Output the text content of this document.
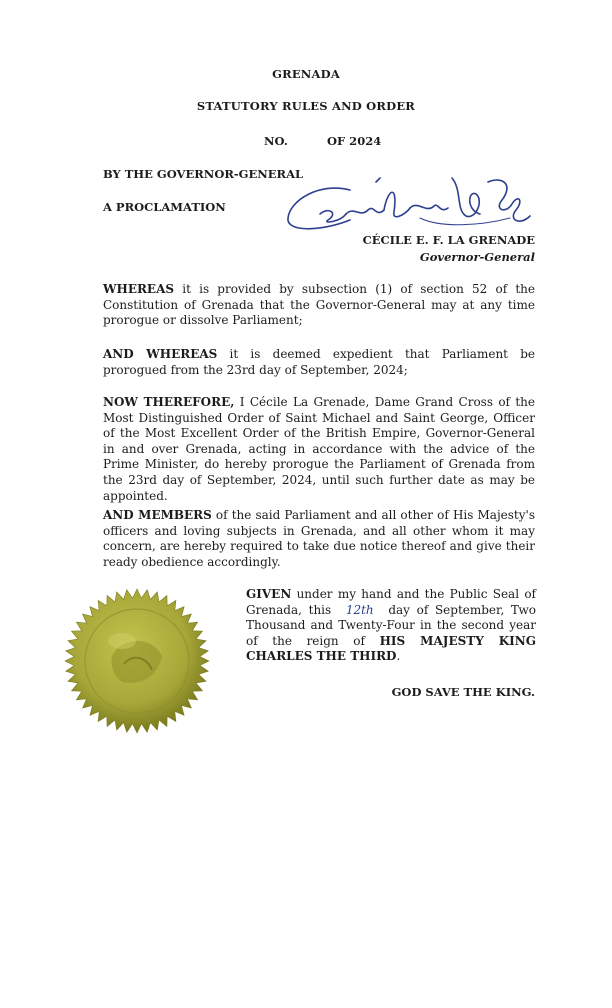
GRENADA
STATUTORY RULES AND ORDER
NO.	OF 2024
BY THE GOVERNOR-GENERAL
A PROCLAMATION
CÉCILE E. F. LA GRENADE
Governor-General
WHEREAS it is provided by subsection (1) of section 52 of the Constitution of Grenada that the Governor-General may at any time prorogue or dissolve Parliament;
AND WHEREAS it is deemed expedient that Parliament be prorogued from the 23rd day of September, 2024;
NOW THEREFORE, I Cécile La Grenade, Dame Grand Cross of the Most Distinguished Order of Saint Michael and Saint George, Officer of the Most Excellent Order of the British Empire, Governor-General in and over Grenada, acting in accordance with the advice of the Prime Minister, do hereby prorogue the Parliament of Grenada from the 23rd day of September, 2024, until such further date as may be appointed.
AND MEMBERS of the said Parliament and all other of His Majesty's officers and loving subjects in Grenada, and all other whom it may concern, are hereby required to take due notice thereof and give their ready obedience accordingly.
GIVEN under my hand and the Public Seal of Grenada, this 12th day of September, Two Thousand and Twenty-Four in the second year of the reign of HIS MAJESTY KING CHARLES THE THIRD.
GOD SAVE THE KING.
